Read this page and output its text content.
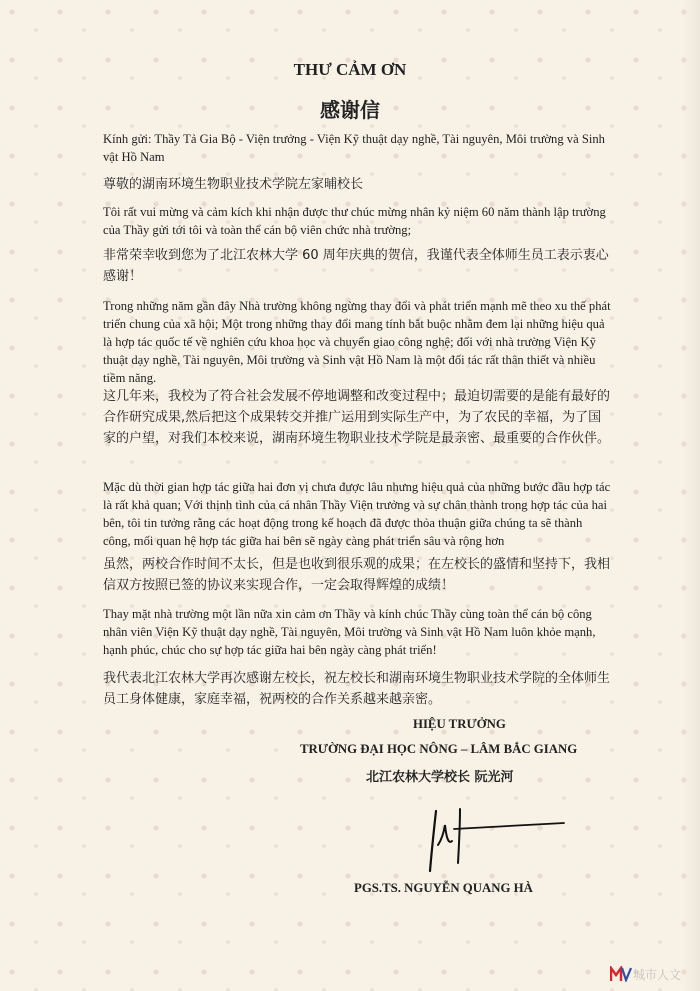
THƯ CẢM ƠN
感谢信

Kính gửi: Thầy Tả Gia Bộ - Viện trưởng - Viện Kỹ thuật dạy nghề, Tài nguyên, Môi trường và Sinh vật Hồ Nam

尊敬的湖南环境生物职业技术学院左家晡校长

Tôi rất vui mừng và cảm kích khi nhận được thư chúc mừng nhân kỷ niệm 60 năm thành lập trường của Thầy gửi tới tôi và toàn thể cán bộ viên chức nhà trường;

非常荣幸收到您为了北江农林大学 60 周年庆典的贺信，我谨代表全体师生员工表示衷心感谢！

Trong những năm gần đây Nhà trường không ngừng thay đổi và phát triển mạnh mẽ theo xu thế phát triển chung của xã hội; Một trong những thay đổi mang tính bắt buộc nhằm đem lại những hiệu quả là hợp tác quốc tế về nghiên cứu khoa học và chuyển giao công nghệ; đối với nhà trường Viện Kỹ thuật dạy nghề, Tài nguyên, Môi trường và Sinh vật Hồ Nam là một đối tác rất thân thiết và nhiều tiềm năng.

这几年来，我校为了符合社会发展不停地调整和改变过程中；最迫切需要的是能有最好的合作研究成果,然后把这个成果转交并推广运用到实际生产中，为了农民的幸福，为了国家的户望，对我们本校来说，湖南环境生物职业技术学院是最亲密、最重要的合作伙伴。

Mặc dù thời gian hợp tác giữa hai đơn vị chưa được lâu nhưng hiệu quả của những bước đầu hợp tác là rất khả quan; Với thịnh tình của cá nhân Thầy Viện trưởng và sự chân thành trong hợp tác của hai bên, tôi tin tưởng rằng các hoạt động trong kế hoạch đã được thỏa thuận giữa chúng ta sẽ thành công, mối quan hệ hợp tác giữa hai bên sẽ ngày càng phát triển sâu và rộng hơn

虽然，两校合作时间不太长，但是也收到很乐观的成果；在左校长的盛情和坚持下，我相信双方按照已签的协议来实现合作，一定会取得辉煌的成绩！

Thay mặt nhà trường một lần nữa xin cảm ơn Thầy và kính chúc Thầy cùng toàn thể cán bộ công nhân viên Viện Kỹ thuật dạy nghề, Tài nguyên, Môi trường và Sinh vật Hồ Nam luôn khỏe mạnh, hạnh phúc, chúc cho sự hợp tác giữa hai bên ngày càng phát triển!

我代表北江农林大学再次感谢左校长，祝左校长和湖南环境生物职业技术学院的全体师生员工身体健康，家庭幸福，祝两校的合作关系越来越亲密。

HIỆU TRƯỞNG
TRƯỜNG ĐẠI HỌC NÔNG – LÂM BẮC GIANG
北江农林大学校长 阮光河
PGS.TS. NGUYỄN QUANG HÀ
城市人文
